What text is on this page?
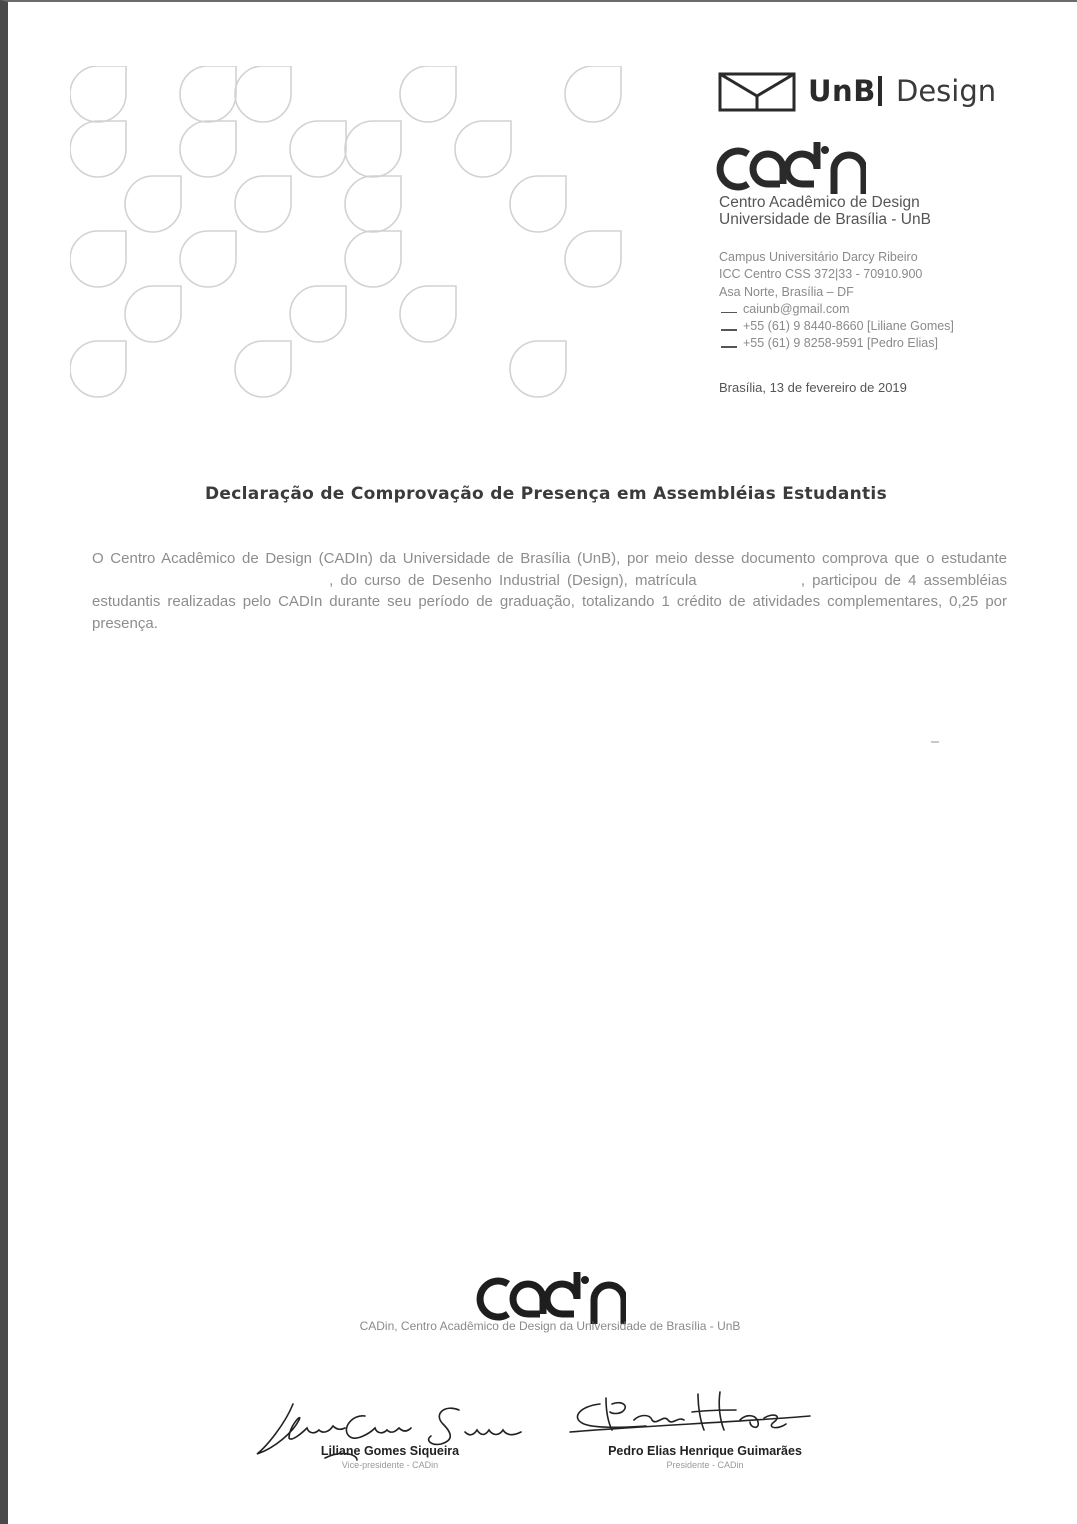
UnB Design
Centro Acadêmico de Design
Universidade de Brasília - UnB
Campus Universitário Darcy Ribeiro
ICC Centro CSS 372|33 - 70910.900
Asa Norte, Brasília – DF
caiunb@gmail.com
+55 (61) 9 8440-8660 [Liliane Gomes]
+55 (61) 9 8258-9591 [Pedro Elias]
Brasília, 13 de fevereiro de 2019
Declaração de Comprovação de Presença em Assembléias Estudantis
O Centro Acadêmico de Design (CADIn) da Universidade de Brasília (UnB), por meio desse documento comprova que o estudante  , do curso de Desenho Industrial (Design), matrícula	, participou de 4 assembléias estudantis realizadas pelo CADIn durante seu período de graduação, totalizando 1 crédito de atividades complementares, 0,25 por presença.
CADin, Centro Acadêmico de Design da Universidade de Brasília - UnB
Liliane Gomes Siqueira
Vice-presidente - CADin
Pedro Elias Henrique Guimarães
Presidente - CADin
